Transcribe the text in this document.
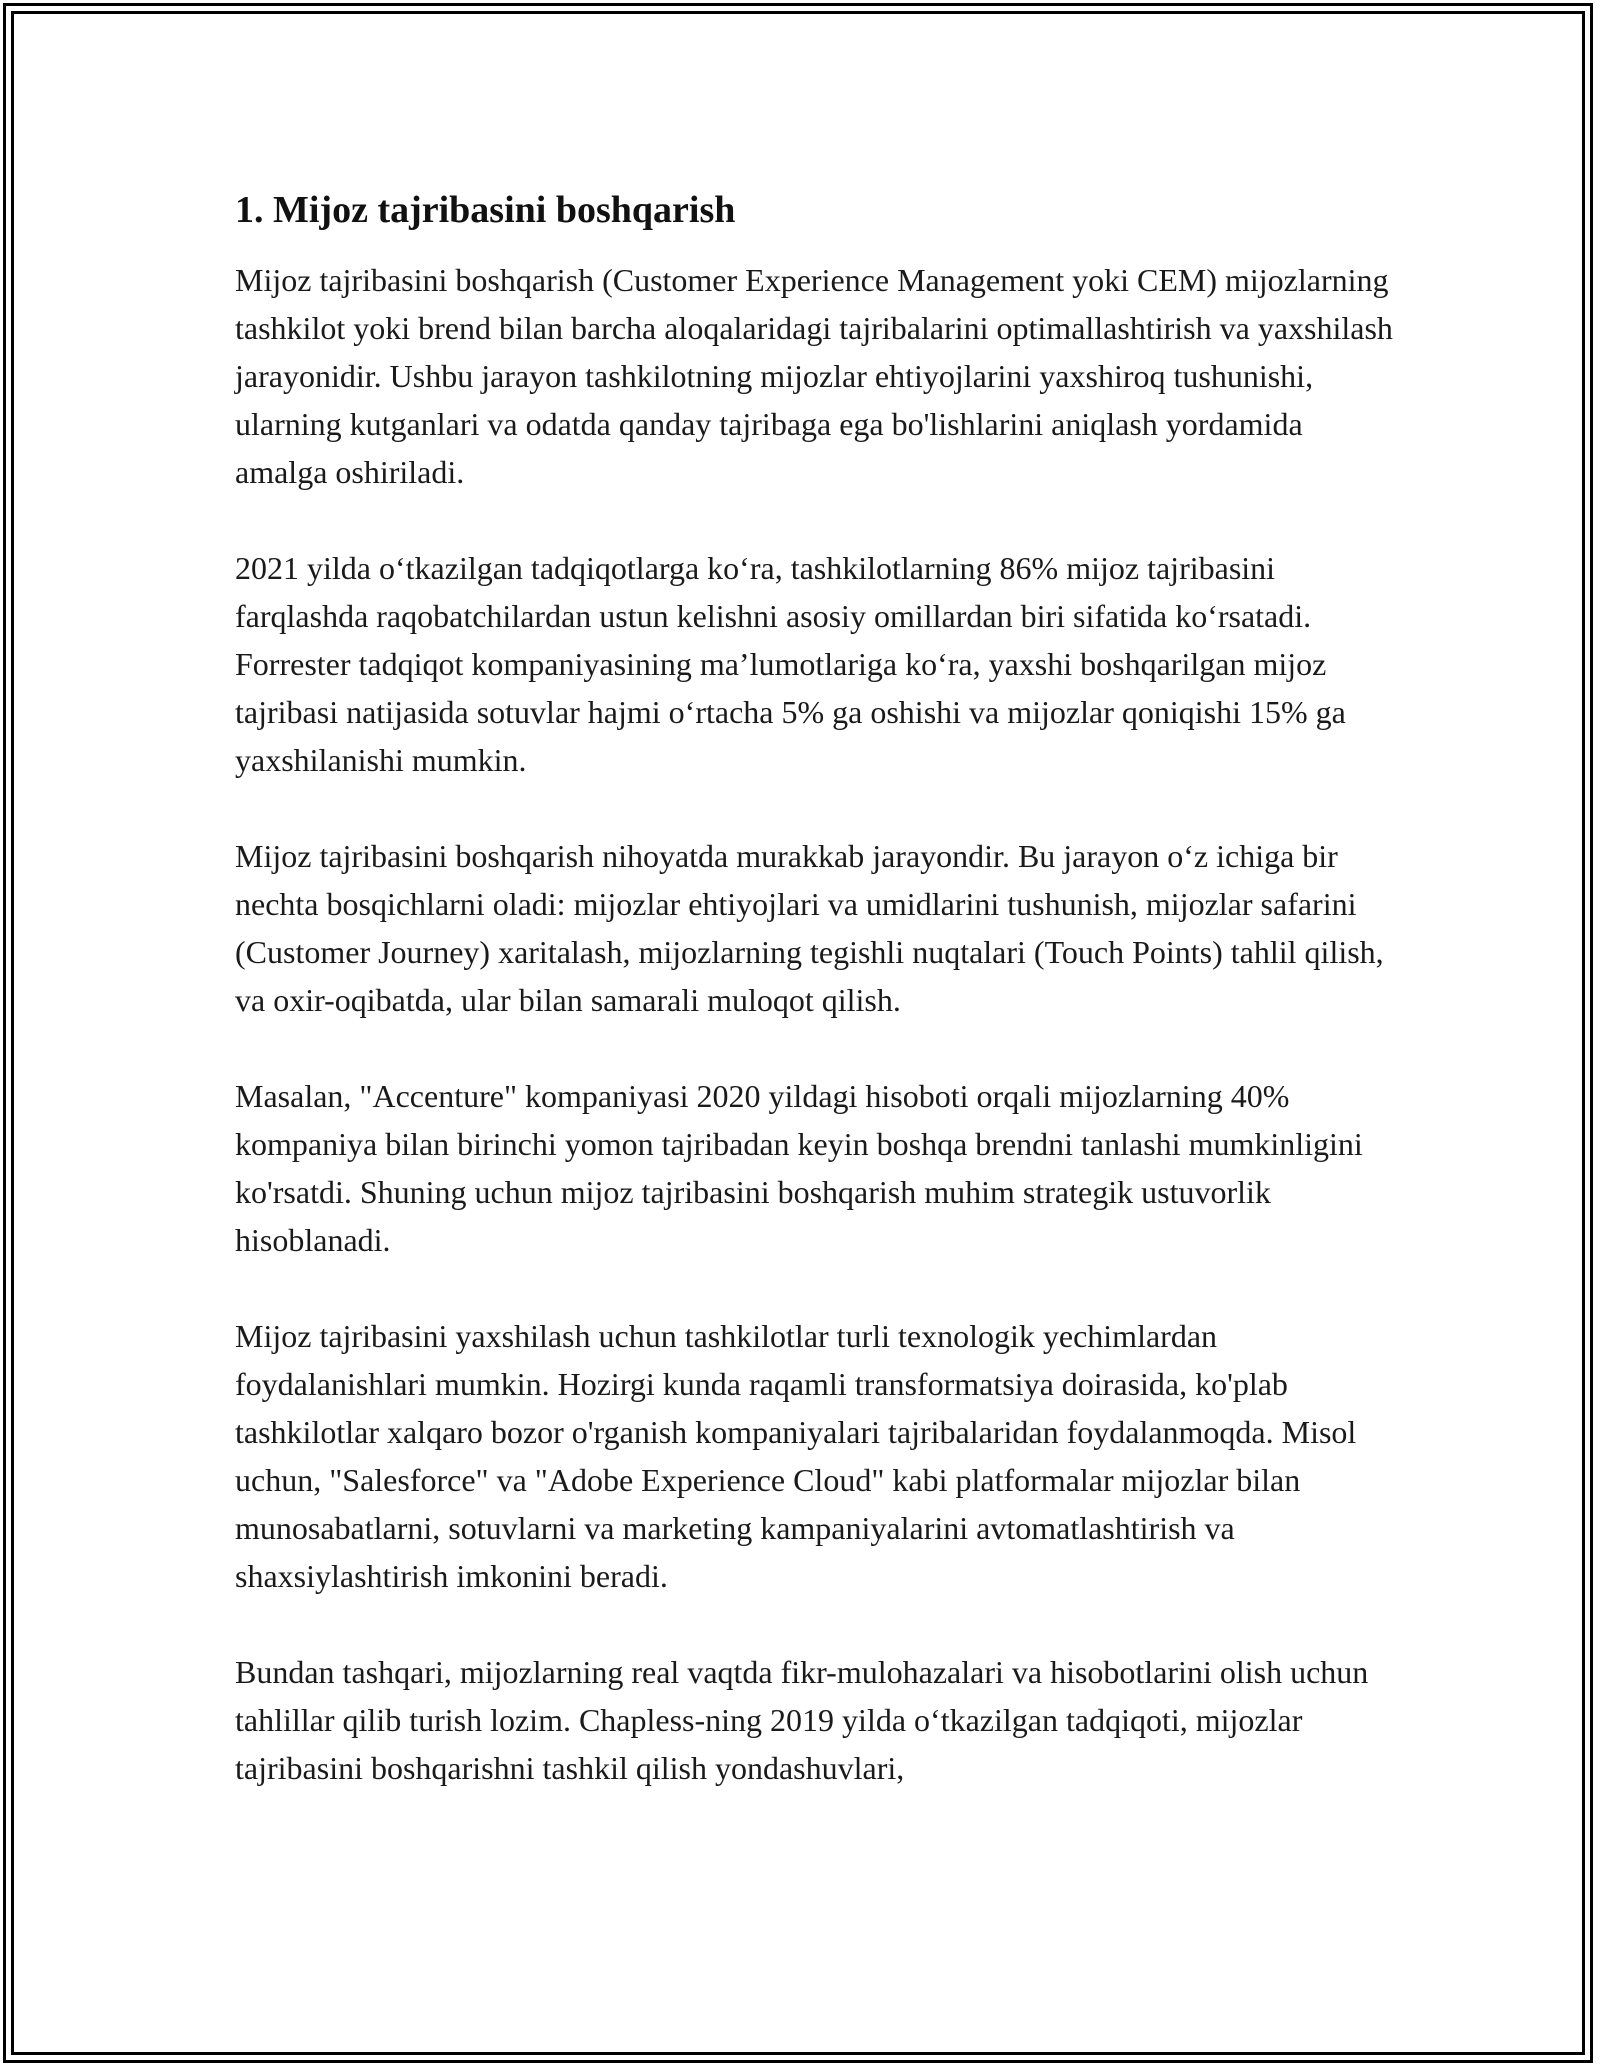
1. Mijoz tajribasini boshqarish

Mijoz tajribasini boshqarish (Customer Experience Management yoki CEM) mijozlarning tashkilot yoki brend bilan barcha aloqalaridagi tajribalarini optimallashtirish va yaxshilash jarayonidir. Ushbu jarayon tashkilotning mijozlar ehtiyojlarini yaxshiroq tushunishi, ularning kutganlari va odatda qanday tajribaga ega bo'lishlarini aniqlash yordamida amalga oshiriladi.

2021 yilda oʻtkazilgan tadqiqotlarga koʻra, tashkilotlarning 86% mijoz tajribasini farqlashda raqobatchilardan ustun kelishni asosiy omillardan biri sifatida koʻrsatadi. Forrester tadqiqot kompaniyasining maʼlumotlariga koʻra, yaxshi boshqarilgan mijoz tajribasi natijasida sotuvlar hajmi oʻrtacha 5% ga oshishi va mijozlar qoniqishi 15% ga yaxshilanishi mumkin.

Mijoz tajribasini boshqarish nihoyatda murakkab jarayondir. Bu jarayon oʻz ichiga bir nechta bosqichlarni oladi: mijozlar ehtiyojlari va umidlarini tushunish, mijozlar safarini (Customer Journey) xaritalash, mijozlarning tegishli nuqtalari (Touch Points) tahlil qilish, va oxir-oqibatda, ular bilan samarali muloqot qilish.

Masalan, "Accenture" kompaniyasi 2020 yildagi hisoboti orqali mijozlarning 40% kompaniya bilan birinchi yomon tajribadan keyin boshqa brendni tanlashi mumkinligini ko'rsatdi. Shuning uchun mijoz tajribasini boshqarish muhim strategik ustuvorlik hisoblanadi.

Mijoz tajribasini yaxshilash uchun tashkilotlar turli texnologik yechimlardan foydalanishlari mumkin. Hozirgi kunda raqamli transformatsiya doirasida, ko'plab tashkilotlar xalqaro bozor o'rganish kompaniyalari tajribalaridan foydalanmoqda. Misol uchun, "Salesforce" va "Adobe Experience Cloud" kabi platformalar mijozlar bilan munosabatlarni, sotuvlarni va marketing kampaniyalarini avtomatlashtirish va shaxsiylashtirish imkonini beradi.

Bundan tashqari, mijozlarning real vaqtda fikr-mulohazalari va hisobotlarini olish uchun tahlillar qilib turish lozim. Chapless-ning 2019 yilda oʻtkazilgan tadqiqoti, mijozlar tajribasini boshqarishni tashkil qilish yondashuvlari,
